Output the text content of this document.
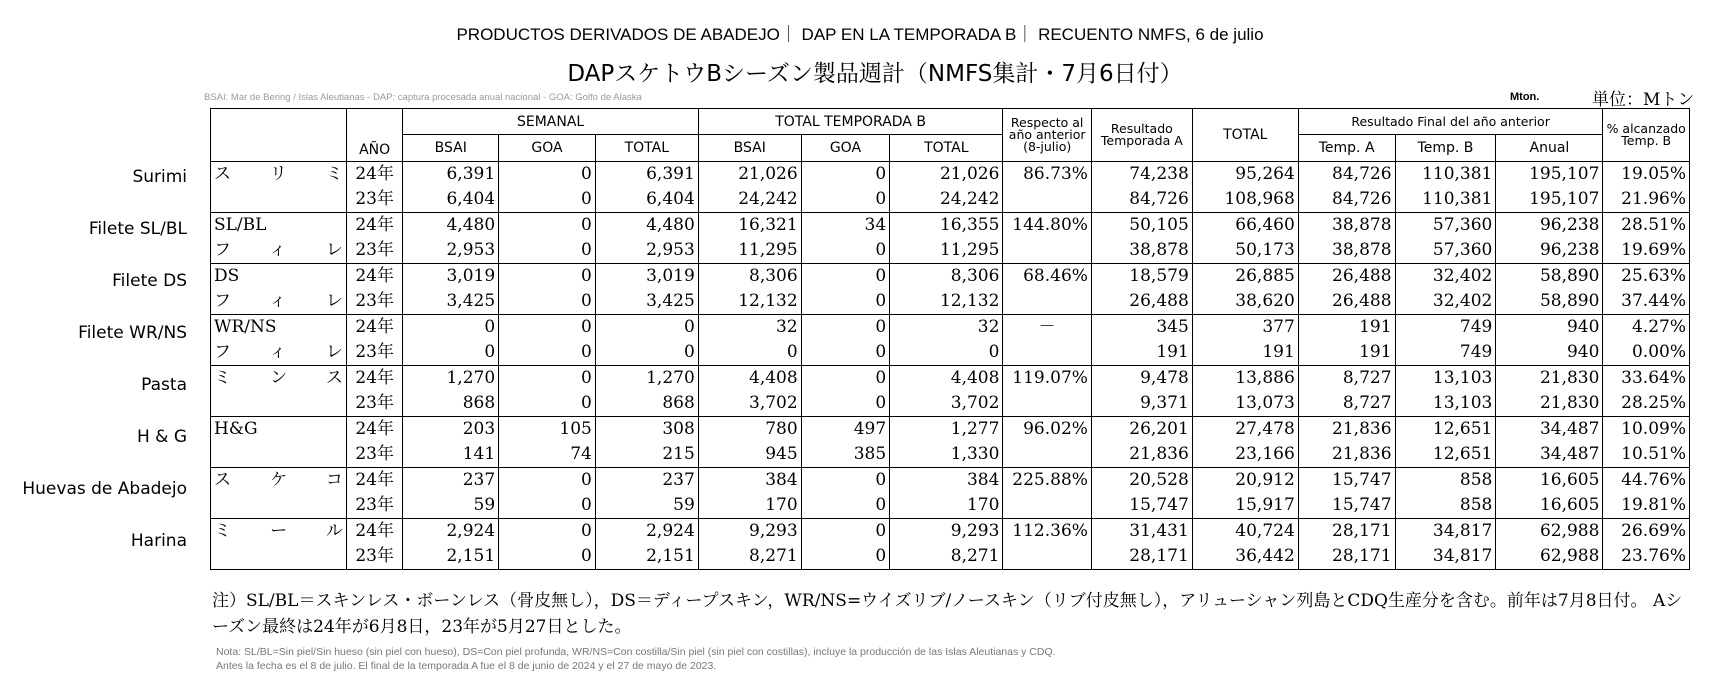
PRODUCTOS DERIVADOS DE ABADEJO｜ DAP EN LA TEMPORADA B｜ RECUENTO NMFS, 6 de julio
DAPスケトウBシーズン製品週計（NMFS集計・7月6日付）
BSAI: Mar de Bering / Islas Aleutianas - DAP: captura procesada anual nacional - GOA: Golfo de Alaska	Mton.	単位：Mトン
Surimi
Filete SL/BL
Filete DS
Filete WR/NS
Pasta
H & G
Huevas de Abadejo
Harina
	AÑO	SEMANAL			TOTAL TEMPORADA B			Respecto al año anterior (8-julio)	Resultado Temporada A	TOTAL	Resultado Final del año anterior			% alcanzado Temp. B
		BSAI	GOA	TOTAL	BSAI	GOA	TOTAL				Temp. A	Temp. B	Anual	
スリミ	24年	6,391	0	6,391	21,026	0	21,026	86.73%	74,238	95,264	84,726	110,381	195,107	19.05%
	23年	6,404	0	6,404	24,242	0	24,242		84,726	108,968	84,726	110,381	195,107	21.96%
SL/BL	24年	4,480	0	4,480	16,321	34	16,355	144.80%	50,105	66,460	38,878	57,360	96,238	28.51%
フィレ	23年	2,953	0	2,953	11,295	0	11,295		38,878	50,173	38,878	57,360	96,238	19.69%
DS	24年	3,019	0	3,019	8,306	0	8,306	68.46%	18,579	26,885	26,488	32,402	58,890	25.63%
フィレ	23年	3,425	0	3,425	12,132	0	12,132		26,488	38,620	26,488	32,402	58,890	37.44%
WR/NS	24年	0	0	0	32	0	32	－	345	377	191	749	940	4.27%
フィレ	23年	0	0	0	0	0	0		191	191	191	749	940	0.00%
ミンス	24年	1,270	0	1,270	4,408	0	4,408	119.07%	9,478	13,886	8,727	13,103	21,830	33.64%
	23年	868	0	868	3,702	0	3,702		9,371	13,073	8,727	13,103	21,830	28.25%
H&G	24年	203	105	308	780	497	1,277	96.02%	26,201	27,478	21,836	12,651	34,487	10.09%
	23年	141	74	215	945	385	1,330		21,836	23,166	21,836	12,651	34,487	10.51%
スケコ	24年	237	0	237	384	0	384	225.88%	20,528	20,912	15,747	858	16,605	44.76%
	23年	59	0	59	170	0	170		15,747	15,917	15,747	858	16,605	19.81%
ミール	24年	2,924	0	2,924	9,293	0	9,293	112.36%	31,431	40,724	28,171	34,817	62,988	26.69%
	23年	2,151	0	2,151	8,271	0	8,271		28,171	36,442	28,171	34,817	62,988	23.76%
注）SL/BL＝スキンレス・ボーンレス（骨皮無し），DS＝ディープスキン，WR/NS=ウイズリブ/ノースキン（リブ付皮無し），アリューシャン列島とCDQ生産分を含む。前年は7月8日付。 Aシーズン最終は24年が6月8日，23年が5月27日とした。
Nota: SL/BL=Sin piel/Sin hueso (sin piel con hueso), DS=Con piel profunda, WR/NS=Con costilla/Sin piel (sin piel con costillas), incluye la producción de las Islas Aleutianas y CDQ.
Antes la fecha es el 8 de julio. El final de la temporada A fue el 8 de junio de 2024 y el 27 de mayo de 2023.
